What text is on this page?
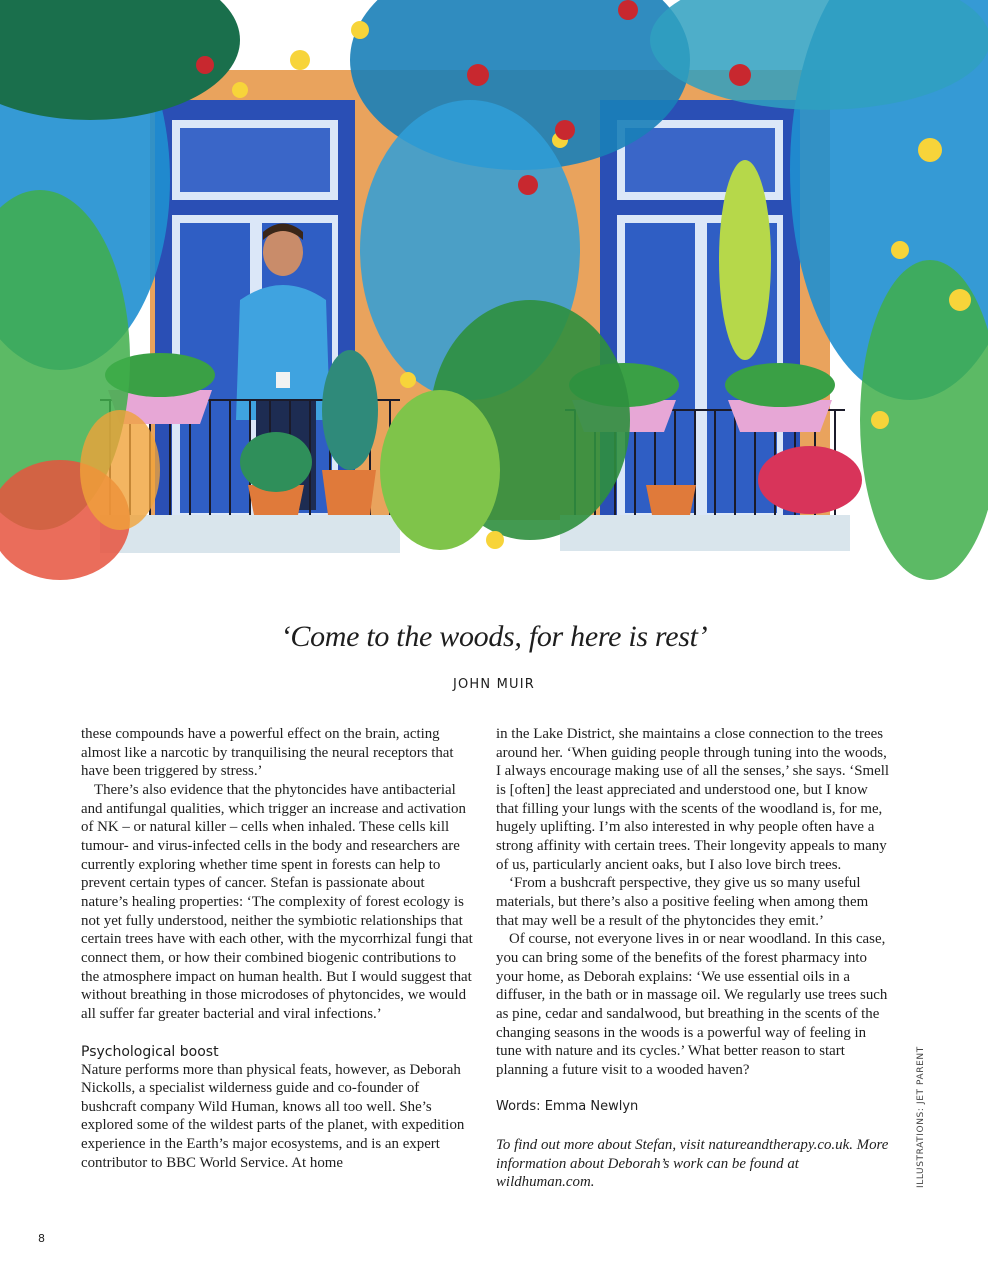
‘Come to the woods, for here is rest’
JOHN MUIR

these compounds have a powerful effect on the brain, acting almost like a narcotic by tranquilising the neural receptors that have been triggered by stress.’

There’s also evidence that the phytoncides have antibacterial and antifungal qualities, which trigger an increase and activation of NK – or natural killer – cells when inhaled. These cells kill tumour- and virus-infected cells in the body and researchers are currently exploring whether time spent in forests can help to prevent certain types of cancer. Stefan is passionate about nature’s healing properties: ‘The complexity of forest ecology is not yet fully understood, neither the symbiotic relationships that certain trees have with each other, with the mycorrhizal fungi that connect them, or how their combined biogenic contributions to the atmosphere impact on human health. But I would suggest that without breathing in those microdoses of phytoncides, we would all suffer far greater bacterial and viral infections.’

Psychological boost

Nature performs more than physical feats, however, as Deborah Nickolls, a specialist wilderness guide and co-founder of bushcraft company Wild Human, knows all too well. She’s explored some of the wildest parts of the planet, with expedition experience in the Earth’s major ecosystems, and is an expert contributor to BBC World Service. At home

in the Lake District, she maintains a close connection to the trees around her. ‘When guiding people through tuning into the woods, I always encourage making use of all the senses,’ she says. ‘Smell is [often] the least appreciated and understood one, but I know that filling your lungs with the scents of the woodland is, for me, hugely uplifting. I’m also interested in why people often have a strong affinity with certain trees. Their longevity appeals to many of us, particularly ancient oaks, but I also love birch trees.

‘From a bushcraft perspective, they give us so many useful materials, but there’s also a positive feeling when among them that may well be a result of the phytoncides they emit.’

Of course, not everyone lives in or near woodland. In this case, you can bring some of the benefits of the forest pharmacy into your home, as Deborah explains: ‘We use essential oils in a diffuser, in the bath or in massage oil. We regularly use trees such as pine, cedar and sandalwood, but breathing in the scents of the changing seasons in the woods is a powerful way of feeling in tune with nature and its cycles.’ What better reason to start planning a future visit to a wooded haven?

Words: Emma Newlyn
To find out more about Stefan, visit natureandtherapy.co.uk. More information about Deborah’s work can be found at wildhuman.com.	ILLUSTRATIONS: JET PARENT
8
